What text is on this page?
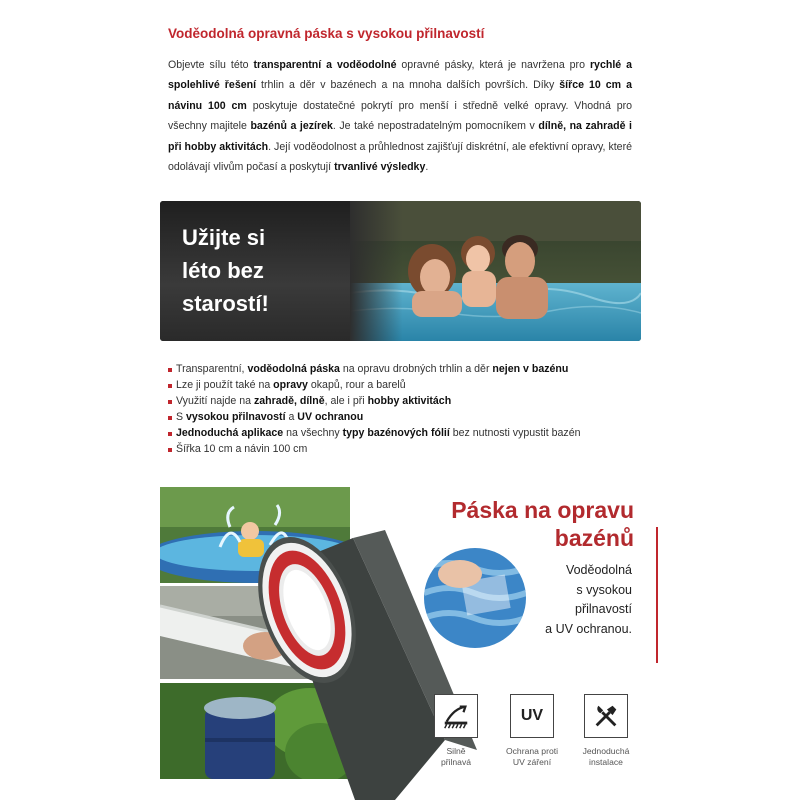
Voděodolná opravná páska s vysokou přilnavostí

Objevte sílu této transparentní a voděodolné opravné pásky, která je navržena pro rychlé a spolehlivé řešení trhlin a děr v bazénech a na mnoha dalších površích. Díky šířce 10 cm a návinu 100 cm poskytuje dostatečné pokrytí pro menší i středně velké opravy. Vhodná pro všechny majitele bazénů a jezírek. Je také nepostradatelným pomocníkem v dílně, na zahradě i při hobby aktivitách. Její voděodolnost a průhlednost zajišťují diskrétní, ale efektivní opravy, které odolávají vlivům počasí a poskytují trvanlivé výsledky.

Užijte si
léto bez
starostí!
Transparentní, voděodolná páska na opravu drobných trhlin a děr nejen v bazénu
Lze ji použít také na opravy okapů, rour a barelů
Využití najde na zahradě, dílně, ale i při hobby aktivitách
S vysokou přilnavostí a UV ochranou
Jednoduchá aplikace na všechny typy bazénových fólií bez nutnosti vypustit bazén
Šířka 10 cm a návin 100 cm
Páska na opravu
bazénů
Voděodolná
s vysokou
přilnavostí
a UV ochranou.
Silně
přilnavá
UV
Ochrana proti
UV záření
Jednoduchá
instalace
